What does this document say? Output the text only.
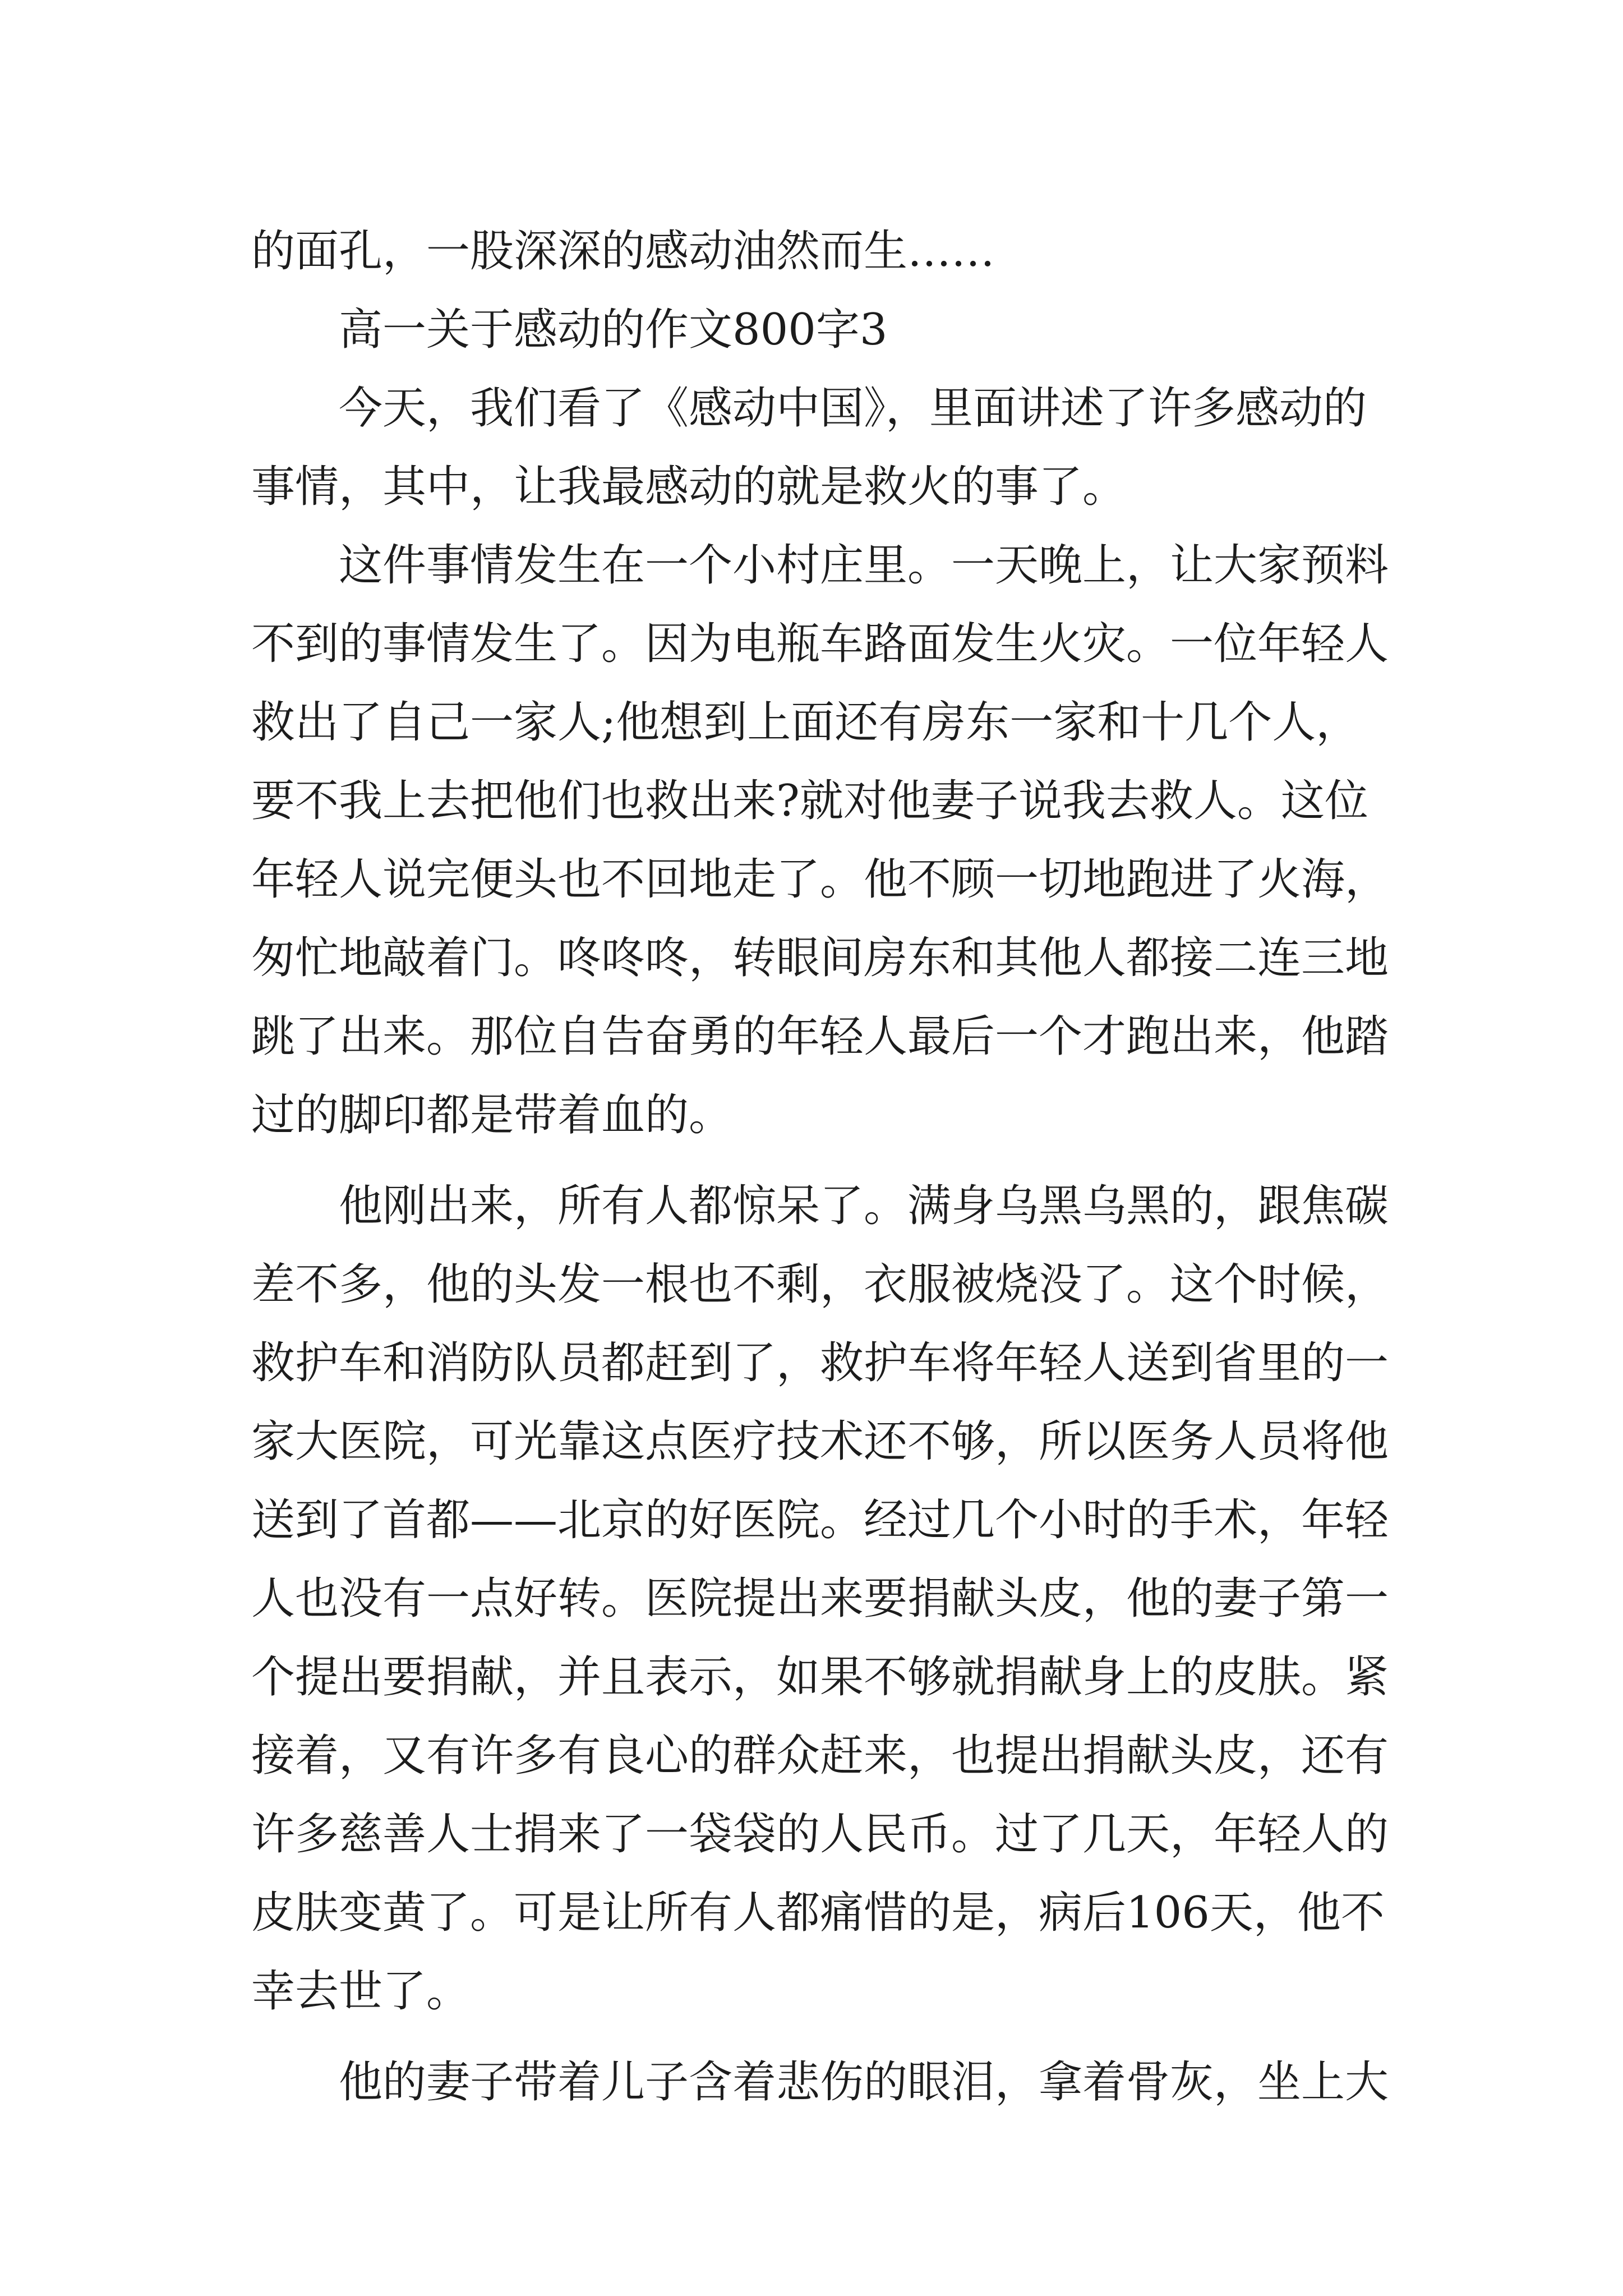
的面孔，一股深深的感动油然而生……
高一关于感动的作文800字3
今天，我们看了《感动中国》，里面讲述了许多感动的
事情，其中，让我最感动的就是救火的事了。
这件事情发生在一个小村庄里。一天晚上，让大家预料
不到的事情发生了。因为电瓶车路面发生火灾。一位年轻人
救出了自己一家人;他想到上面还有房东一家和十几个人，
要不我上去把他们也救出来?就对他妻子说我去救人。这位
年轻人说完便头也不回地走了。他不顾一切地跑进了火海，
匆忙地敲着门。咚咚咚，转眼间房东和其他人都接二连三地
跳了出来。那位自告奋勇的年轻人最后一个才跑出来，他踏
过的脚印都是带着血的。
他刚出来，所有人都惊呆了。满身乌黑乌黑的，跟焦碳
差不多，他的头发一根也不剩，衣服被烧没了。这个时候，
救护车和消防队员都赶到了，救护车将年轻人送到省里的一
家大医院，可光靠这点医疗技术还不够，所以医务人员将他
送到了首都——北京的好医院。经过几个小时的手术，年轻
人也没有一点好转。医院提出来要捐献头皮，他的妻子第一
个提出要捐献，并且表示，如果不够就捐献身上的皮肤。紧
接着，又有许多有良心的群众赶来，也提出捐献头皮，还有
许多慈善人士捐来了一袋袋的人民币。过了几天，年轻人的
皮肤变黄了。可是让所有人都痛惜的是，病后106天，他不
幸去世了。
他的妻子带着儿子含着悲伤的眼泪，拿着骨灰，坐上大
